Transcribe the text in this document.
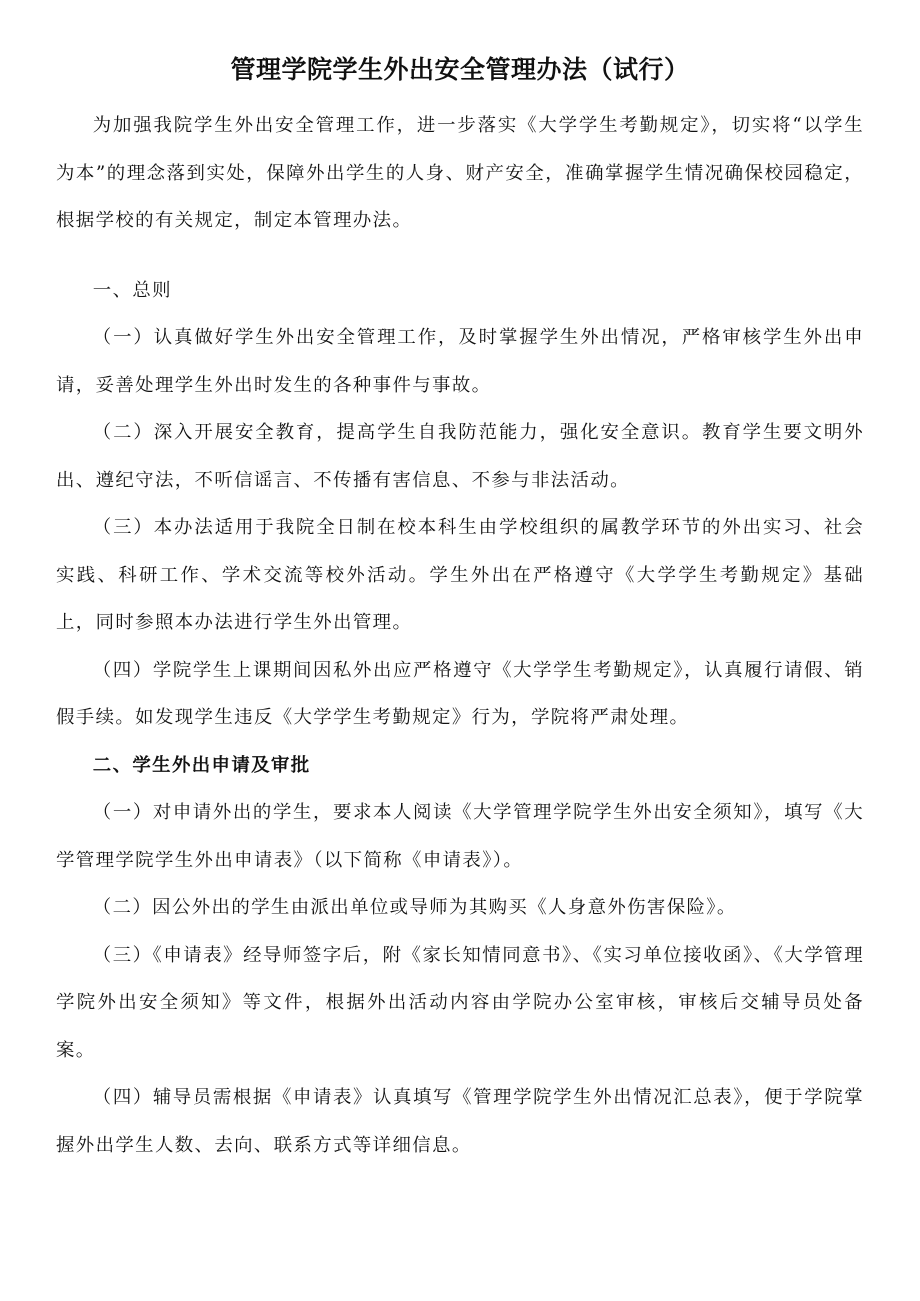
管理学院学生外出安全管理办法（试行）

为加强我院学生外出安全管理工作，进一步落实《大学学生考勤规定》，切实将“以学生为本”的理念落到实处，保障外出学生的人身、财产安全，准确掌握学生情况确保校园稳定，根据学校的有关规定，制定本管理办法。

一、总则

（一）认真做好学生外出安全管理工作，及时掌握学生外出情况，严格审核学生外出申请，妥善处理学生外出时发生的各种事件与事故。

（二）深入开展安全教育，提高学生自我防范能力，强化安全意识。教育学生要文明外出、遵纪守法，不听信谣言、不传播有害信息、不参与非法活动。

（三）本办法适用于我院全日制在校本科生由学校组织的属教学环节的外出实习、社会实践、科研工作、学术交流等校外活动。学生外出在严格遵守《大学学生考勤规定》基础上，同时参照本办法进行学生外出管理。

（四）学院学生上课期间因私外出应严格遵守《大学学生考勤规定》，认真履行请假、销假手续。如发现学生违反《大学学生考勤规定》行为，学院将严肃处理。

二、学生外出申请及审批

（一）对申请外出的学生，要求本人阅读《大学管理学院学生外出安全须知》，填写《大学管理学院学生外出申请表》（以下简称《申请表》）。

（二）因公外出的学生由派出单位或导师为其购买《人身意外伤害保险》。

（三）《申请表》经导师签字后，附《家长知情同意书》、《实习单位接收函》、《大学管理学院外出安全须知》等文件，根据外出活动内容由学院办公室审核，审核后交辅导员处备案。

（四）辅导员需根据《申请表》认真填写《管理学院学生外出情况汇总表》，便于学院掌握外出学生人数、去向、联系方式等详细信息。
